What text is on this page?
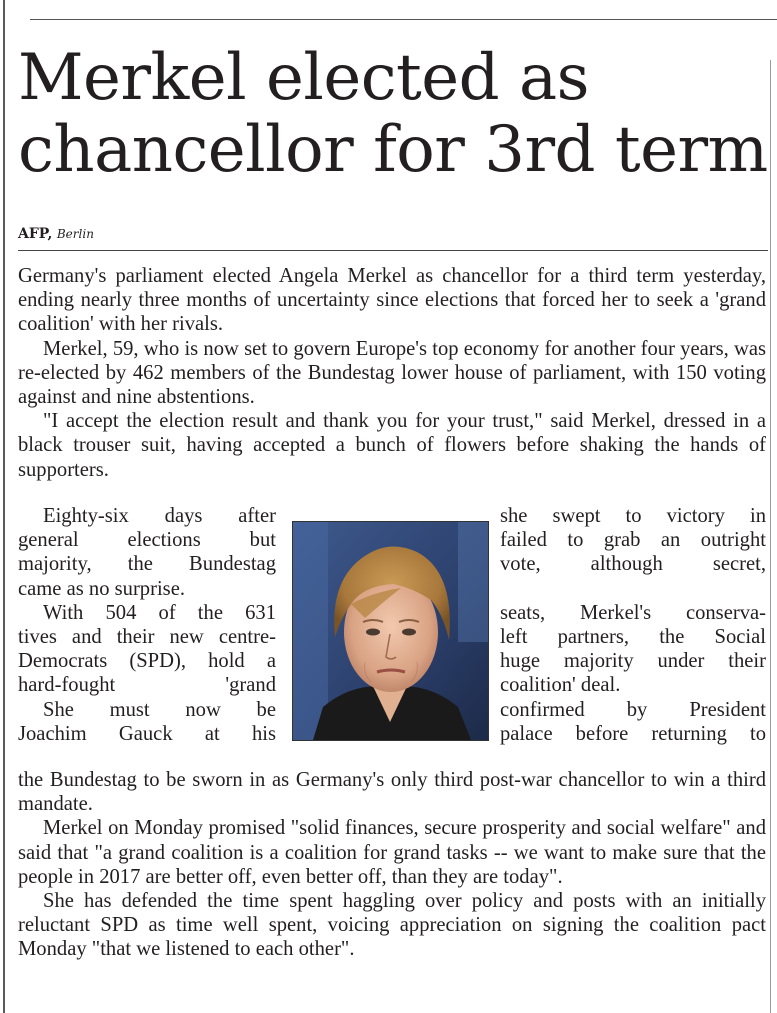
Merkel elected as chancellor for 3rd term
AFP, Berlin

Germany's parliament elected Angela Merkel as chancellor for a third term yesterday, ending nearly three months of uncertainty since elections that forced her to seek a 'grand coalition' with her rivals.

Merkel, 59, who is now set to govern Europe's top economy for another four years, was re-elected by 462 members of the Bundestag lower house of parliament, with 150 voting against and nine abstentions.

"I accept the election result and thank you for your trust," said Merkel, dressed in a black trouser suit, having accepted a bunch of flowers before shaking the hands of supporters.

Eighty-six days after
general elections but
majority, the Bundestag
came as no surprise.
With 504 of the 631
tives and their new centre-
Democrats (SPD), hold a
hard-fought 'grand
She must now be
Joachim Gauck at his
she swept to victory in
failed to grab an outright
vote, although secret,
seats, Merkel's conserva-
left partners, the Social
huge majority under their
coalition' deal.
confirmed by President
palace before returning to

the Bundestag to be sworn in as Germany's only third post-war chancellor to win a third mandate.

Merkel on Monday promised "solid finances, secure prosperity and social welfare" and said that "a grand coalition is a coalition for grand tasks -- we want to make sure that the people in 2017 are better off, even better off, than they are today".

She has defended the time spent haggling over policy and posts with an initially reluctant SPD as time well spent, voicing appreciation on signing the coalition pact Monday "that we listened to each other".
